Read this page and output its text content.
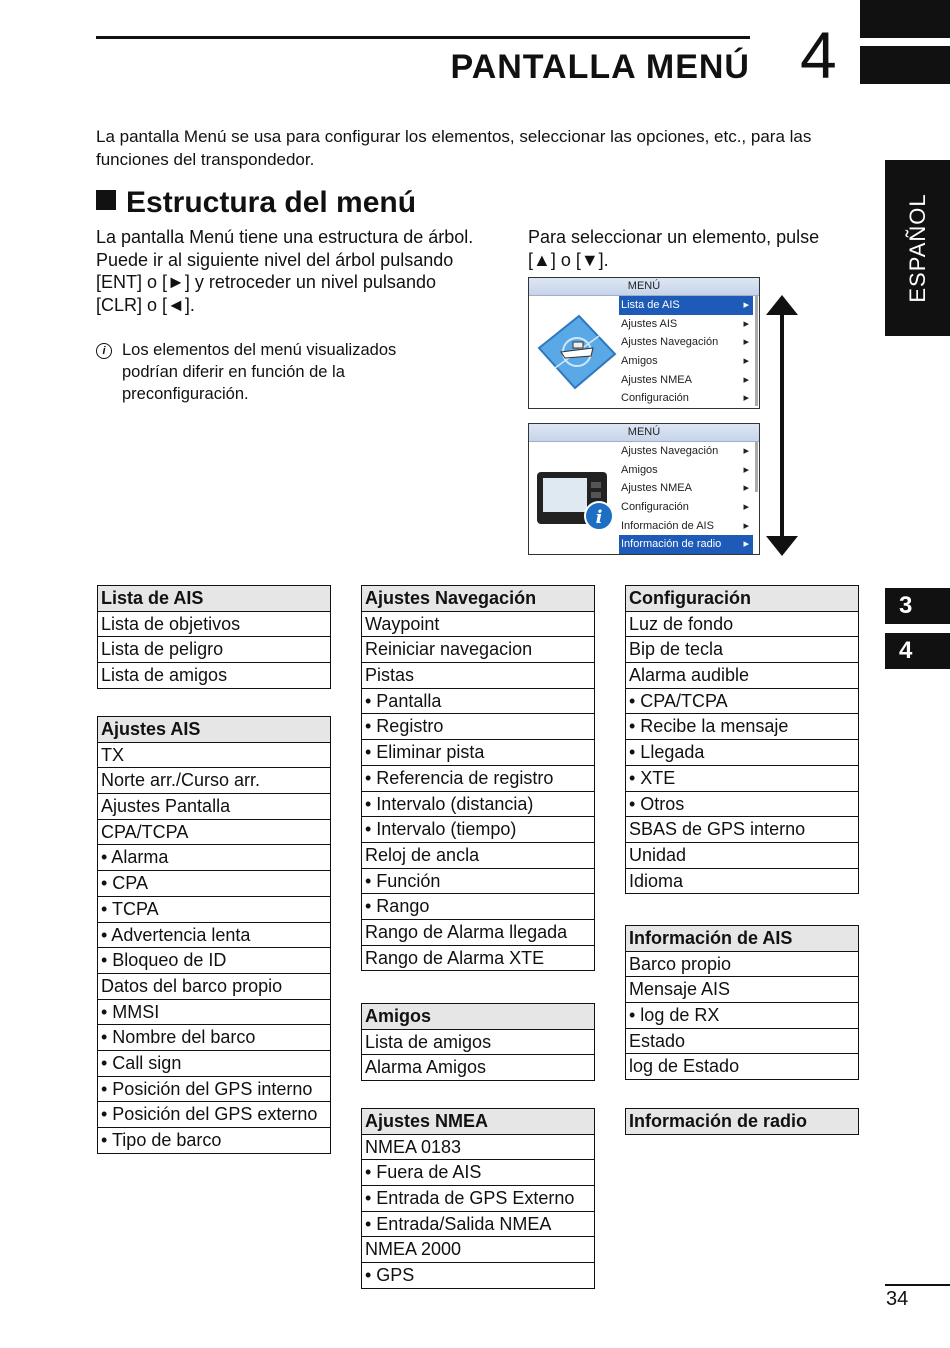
PANTALLA MENÚ 4
ESPAÑOL
3
4
La pantalla Menú se usa para configurar los elementos, seleccionar las opciones, etc., para las funciones del transpondedor.
Estructura del menú
La pantalla Menú tiene una estructura de árbol. Puede ir al siguiente nivel del árbol pulsando [ENT] o [►] y retroceder un nivel pulsando [CLR] o [◄].
i Los elementos del menú visualizados podrían diferir en función de la preconfiguración.
Para seleccionar un elemento, pulse [▲] o [▼].
MENÚ
Lista de AIS ▸
Ajustes AIS ▸
Ajustes Navegación ▸
Amigos ▸
Ajustes NMEA ▸
Configuración ▸
MENÚ
i
Ajustes Navegación ▸
Amigos ▸
Ajustes NMEA ▸
Configuración ▸
Información de AIS ▸
Información de radio ▸
Lista de AIS
Lista de objetivos
Lista de peligro
Lista de amigos
Ajustes AIS
TX
Norte arr./Curso arr.
Ajustes Pantalla
CPA/TCPA
• Alarma
• CPA
• TCPA
• Advertencia lenta
• Bloqueo de ID
Datos del barco propio
• MMSI
• Nombre del barco
• Call sign
• Posición del GPS interno
• Posición del GPS externo
• Tipo de barco
Ajustes Navegación
Waypoint
Reiniciar navegacion
Pistas
• Pantalla
• Registro
• Eliminar pista
• Referencia de registro
• Intervalo (distancia)
• Intervalo (tiempo)
Reloj de ancla
• Función
• Rango
Rango de Alarma llegada
Rango de Alarma XTE
Amigos
Lista de amigos
Alarma Amigos
Ajustes NMEA
NMEA 0183
• Fuera de AIS
• Entrada de GPS Externo
• Entrada/Salida NMEA
NMEA 2000
• GPS
Configuración
Luz de fondo
Bip de tecla
Alarma audible
• CPA/TCPA
• Recibe la mensaje
• Llegada
• XTE
• Otros
SBAS de GPS interno
Unidad
Idioma
Información de AIS
Barco propio
Mensaje AIS
• log de RX
Estado
log de Estado
Información de radio
34
